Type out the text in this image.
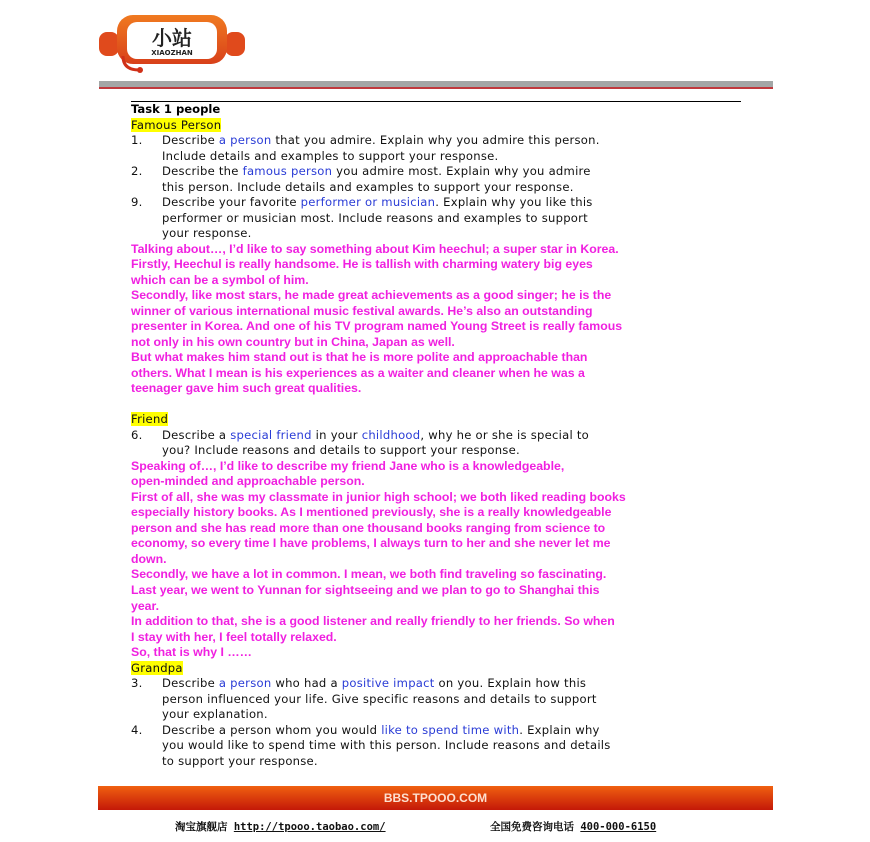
小站
XIAOZHAN
Task 1 people
Famous Person
1. Describe a person that you admire. Explain why you admire this person.
Include details and examples to support your response.
2. Describe the famous person you admire most. Explain why you admire
this person. Include details and examples to support your response.
9. Describe your favorite performer or musician. Explain why you like this
performer or musician most. Include reasons and examples to support
your response.
Talking about…, I’d like to say something about Kim heechul; a super star in Korea.
Firstly, Heechul is really handsome. He is tallish with charming watery big eyes
which can be a symbol of him.
Secondly, like most stars, he made great achievements as a good singer; he is the
winner of various international music festival awards. He’s also an outstanding
presenter in Korea. And one of his TV program named Young Street is really famous
not only in his own country but in China, Japan as well.
But what makes him stand out is that he is more polite and approachable than
others. What I mean is his experiences as a waiter and cleaner when he was a
teenager gave him such great qualities.
Friend
6. Describe a special friend in your childhood, why he or she is special to
you? Include reasons and details to support your response.
Speaking of…, I’d like to describe my friend Jane who is a knowledgeable,
open-minded and approachable person.
First of all, she was my classmate in junior high school; we both liked reading books
especially history books. As I mentioned previously, she is a really knowledgeable
person and she has read more than one thousand books ranging from science to
economy, so every time I have problems, I always turn to her and she never let me
down.
Secondly, we have a lot in common. I mean, we both find traveling so fascinating.
Last year, we went to Yunnan for sightseeing and we plan to go to Shanghai this
year.
In addition to that, she is a good listener and really friendly to her friends. So when
I stay with her, I feel totally relaxed.
So, that is why I ……
Grandpa
3. Describe a person who had a positive impact on you. Explain how this
person influenced your life. Give specific reasons and details to support
your explanation.
4. Describe a person whom you would like to spend time with. Explain why
you would like to spend time with this person. Include reasons and details
to support your response.
BBS.TPOOO.COM
淘宝旗舰店 http://tpooo.taobao.com/	全国免费咨询电话 400-000-6150
